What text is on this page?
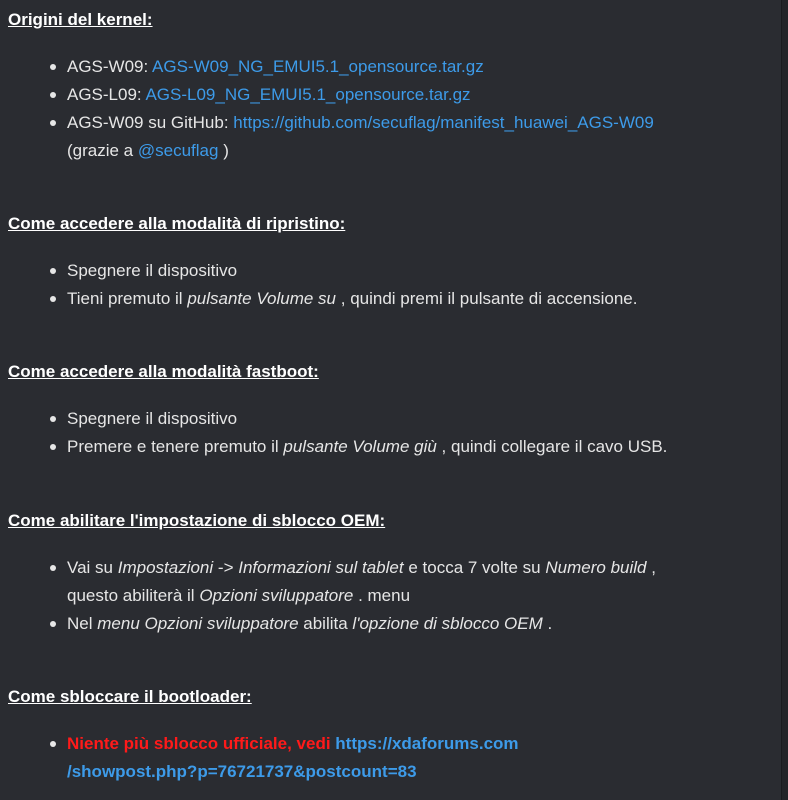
Origini del kernel:
AGS-W09: AGS-W09_NG_EMUI5.1_opensource.tar.gz
AGS-L09: AGS-L09_NG_EMUI5.1_opensource.tar.gz
AGS-W09 su GitHub: https://github.com/secuflag/manifest_huawei_AGS-W09
(grazie a @secuflag )
Come accedere alla modalità di ripristino:
Spegnere il dispositivo
Tieni premuto il pulsante Volume su , quindi premi il pulsante di accensione.
Come accedere alla modalità fastboot:
Spegnere il dispositivo
Premere e tenere premuto il pulsante Volume giù , quindi collegare il cavo USB.
Come abilitare l'impostazione di sblocco OEM:
Vai su Impostazioni -> Informazioni sul tablet e tocca 7 volte su Numero build ,
questo abiliterà il Opzioni sviluppatore . menu
Nel menu Opzioni sviluppatore abilita l'opzione di sblocco OEM .
Come sbloccare il bootloader:
Niente più sblocco ufficiale, vedi https://xdaforums.com
/showpost.php?p=76721737&postcount=83
